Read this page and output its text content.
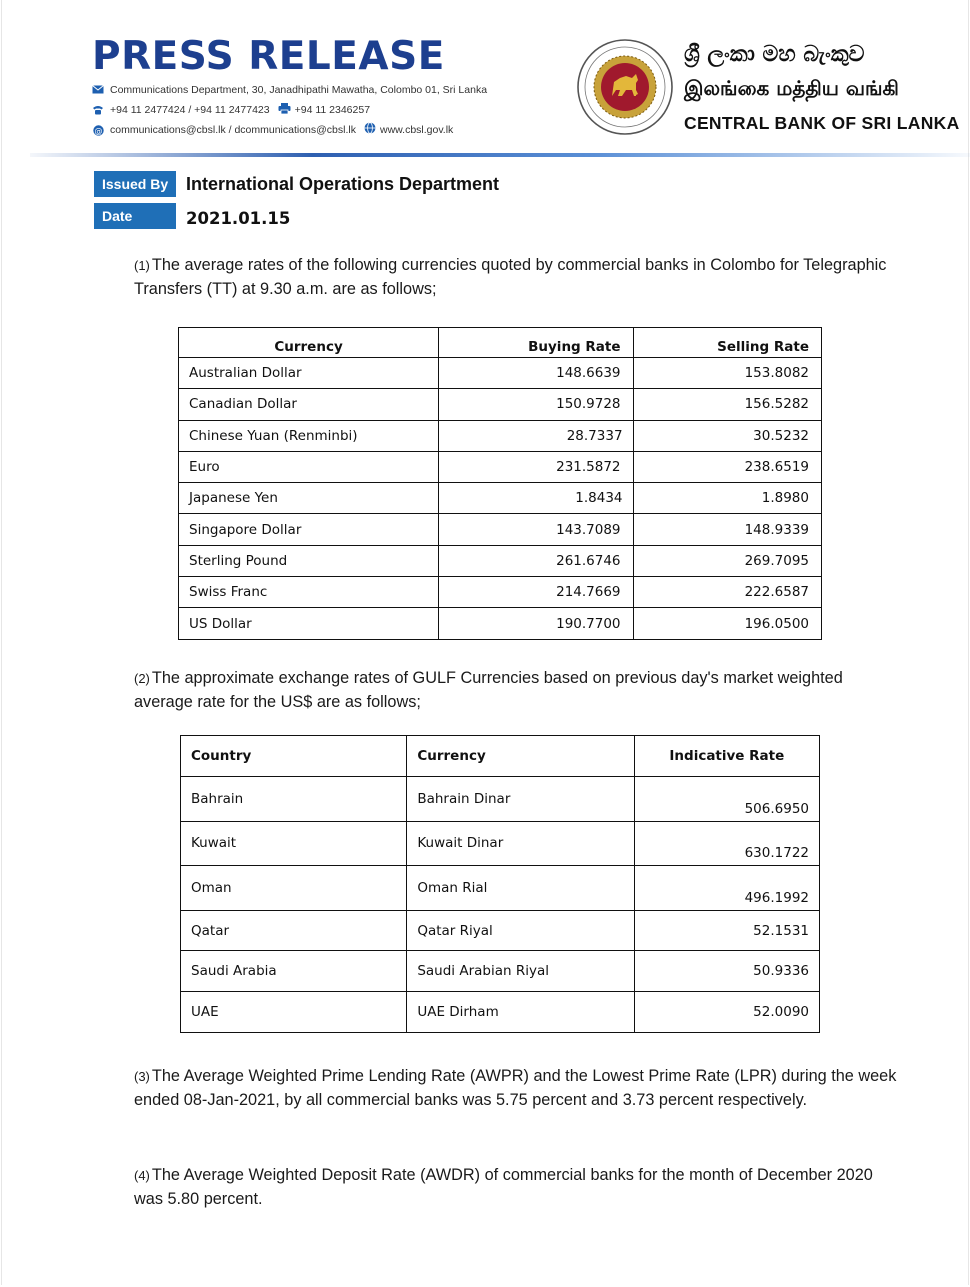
PRESS RELEASE
Communications Department, 30, Janadhipathi Mawatha, Colombo 01, Sri Lanka
+94 11 2477424 / +94 11 2477423 +94 11 2346257
@ communications@cbsl.lk / dcommunications@cbsl.lk www.cbsl.gov.lk
ශ්‍රී ලංකා මහ බැංකුව
இலங்கை மத்திய வங்கி
CENTRAL BANK OF SRI LANKA
Issued By International Operations Department
Date	2021.01.15
(1) The average rates of the following currencies quoted by commercial banks in Colombo for Telegraphic Transfers (TT) at 9.30 a.m. are as follows;
Currency	Buying Rate	Selling Rate
Australian Dollar	148.6639	153.8082
Canadian Dollar	150.9728	156.5282
Chinese Yuan (Renminbi)	28.7337	30.5232
Euro	231.5872	238.6519
Japanese Yen	1.8434	1.8980
Singapore Dollar	143.7089	148.9339
Sterling Pound	261.6746	269.7095
Swiss Franc	214.7669	222.6587
US Dollar	190.7700	196.0500
(2) The approximate exchange rates of GULF Currencies based on previous day's market weighted average rate for the US$ are as follows;
Country	Currency	Indicative Rate
Bahrain	Bahrain Dinar	506.6950
Kuwait	Kuwait Dinar	630.1722
Oman	Oman Rial	496.1992
Qatar	Qatar Riyal	52.1531
Saudi Arabia	Saudi Arabian Riyal	50.9336
UAE	UAE Dirham	52.0090
(3) The Average Weighted Prime Lending Rate (AWPR) and the Lowest Prime Rate (LPR) during the week ended 08-Jan-2021, by all commercial banks was 5.75 percent and 3.73 percent respectively.
(4) The Average Weighted Deposit Rate (AWDR) of commercial banks for the month of December 2020 was 5.80 percent.
